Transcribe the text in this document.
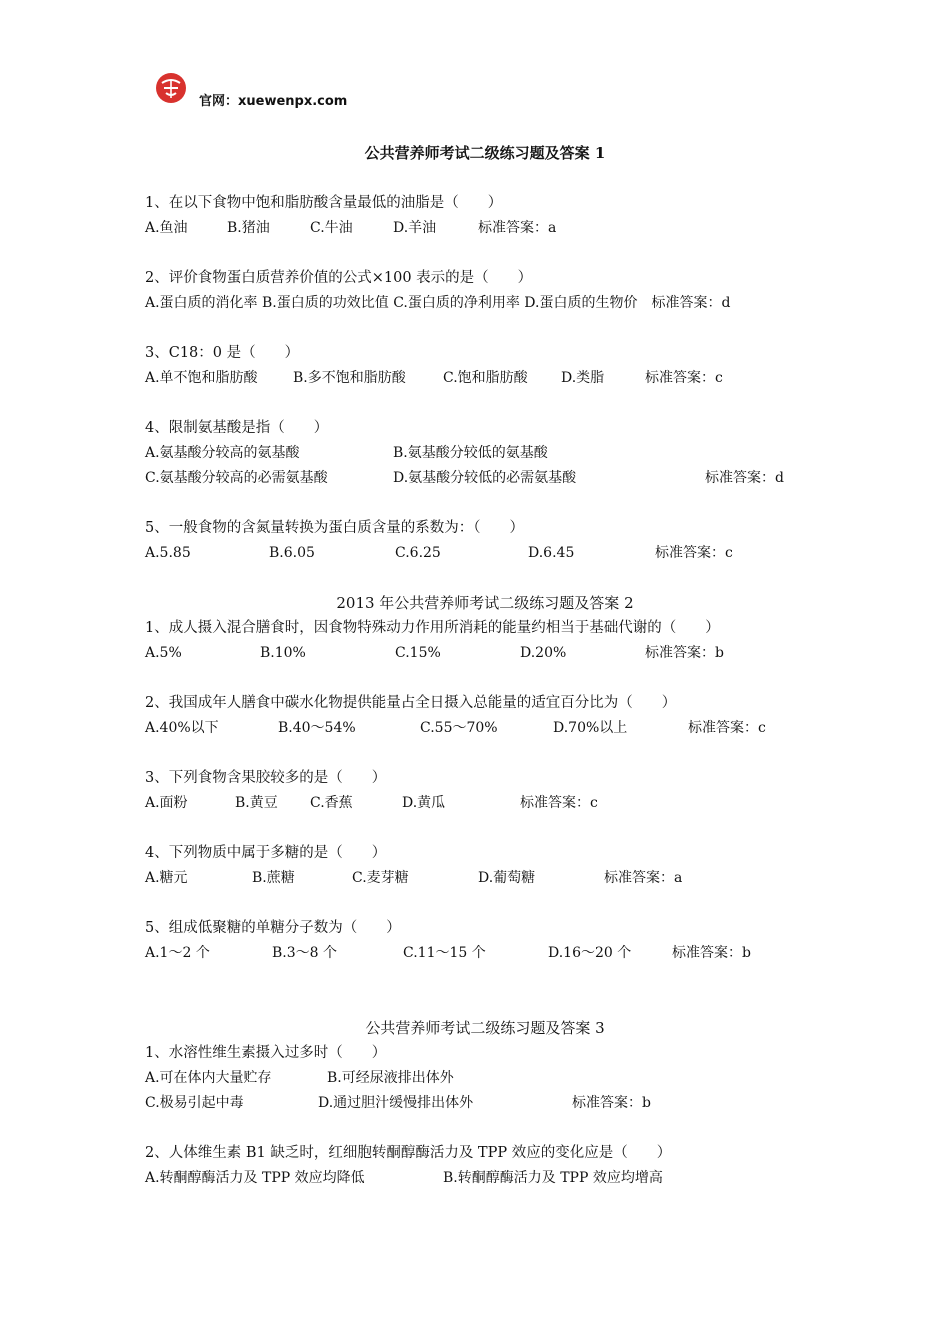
官网：xuewenpx.com
公共营养师考试二级练习题及答案 1
1、在以下食物中饱和脂肪酸含量最低的油脂是（　　）
A.鱼油	B.猪油	C.牛油	D.羊油	标准答案：a
2、评价食物蛋白质营养价值的公式×100 表示的是（　　）
A.蛋白质的消化率 B.蛋白质的功效比值 C.蛋白质的净利用率 D.蛋白质的生物价　标准答案：d
3、C18：0 是（　　）
A.单不饱和脂肪酸	B.多不饱和脂肪酸	C.饱和脂肪酸 D.类脂	标准答案：c
4、限制氨基酸是指（　　）
A.氨基酸分较高的氨基酸	B.氨基酸分较低的氨基酸
C.氨基酸分较高的必需氨基酸	D.氨基酸分较低的必需氨基酸	标准答案：d
5、一般食物的含氮量转换为蛋白质含量的系数为：（　　）
A.5.85	B.6.05	C.6.25	D.6.45	标准答案：c
2013 年公共营养师考试二级练习题及答案 2
1、成人摄入混合膳食时，因食物特殊动力作用所消耗的能量约相当于基础代谢的（　　）
A.5%	B.10%	C.15%	D.20%	标准答案：b
2、我国成年人膳食中碳水化物提供能量占全日摄入总能量的适宜百分比为（　　）
A.40%以下	B.40～54%	C.55～70%	D.70%以上	标准答案：c
3、下列食物含果胶较多的是（　　）
A.面粉	B.黄豆 C.香蕉	D.黄瓜	标准答案：c
4、下列物质中属于多糖的是（　　）
A.糖元	B.蔗糖	C.麦芽糖	D.葡萄糖	标准答案：a
5、组成低聚糖的单糖分子数为（　　）
A.1～2 个	B.3～8 个	C.11～15 个	D.16～20 个	标准答案：b
公共营养师考试二级练习题及答案 3
1、水溶性维生素摄入过多时（　　）
A.可在体内大量贮存	B.可经尿液排出体外
C.极易引起中毒	D.通过胆汁缓慢排出体外	标准答案：b
2、人体维生素 B1 缺乏时，红细胞转酮醇酶活力及 TPP 效应的变化应是（　　）
A.转酮醇酶活力及 TPP 效应均降低	B.转酮醇酶活力及 TPP 效应均增高
